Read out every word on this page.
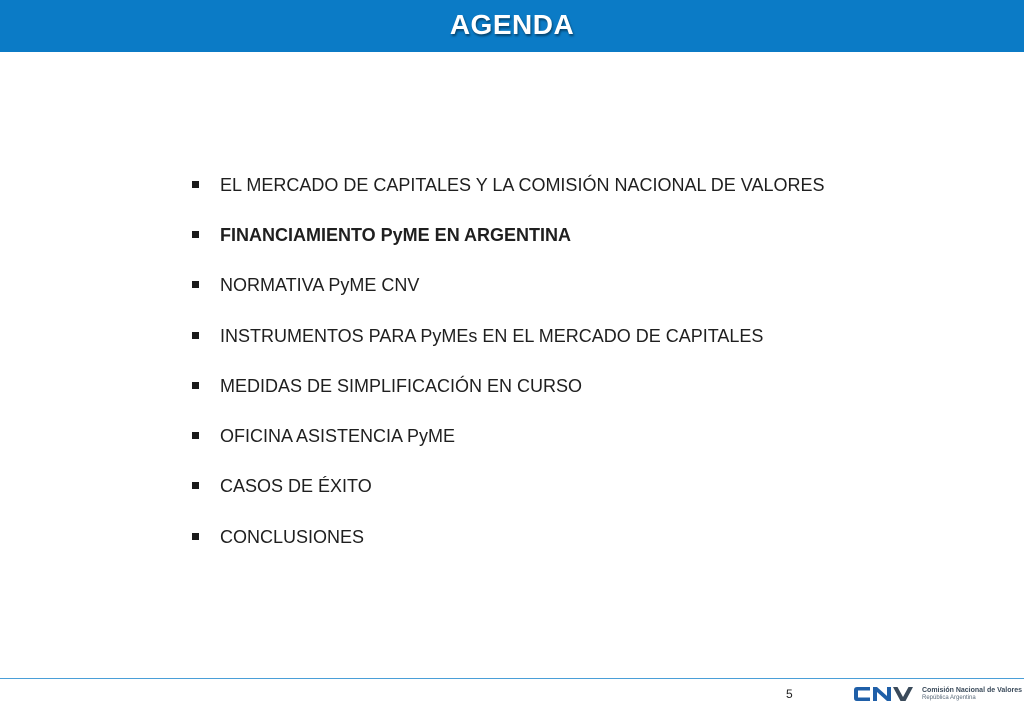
AGENDA
EL MERCADO DE CAPITALES Y LA COMISIÓN NACIONAL DE VALORES
FINANCIAMIENTO PyME EN ARGENTINA
NORMATIVA PyME CNV
INSTRUMENTOS PARA PyMEs EN EL MERCADO DE CAPITALES
MEDIDAS DE SIMPLIFICACIÓN EN CURSO
OFICINA ASISTENCIA PyME
CASOS DE ÉXITO
CONCLUSIONES
5	Comisión Nacional de Valores
República Argentina
